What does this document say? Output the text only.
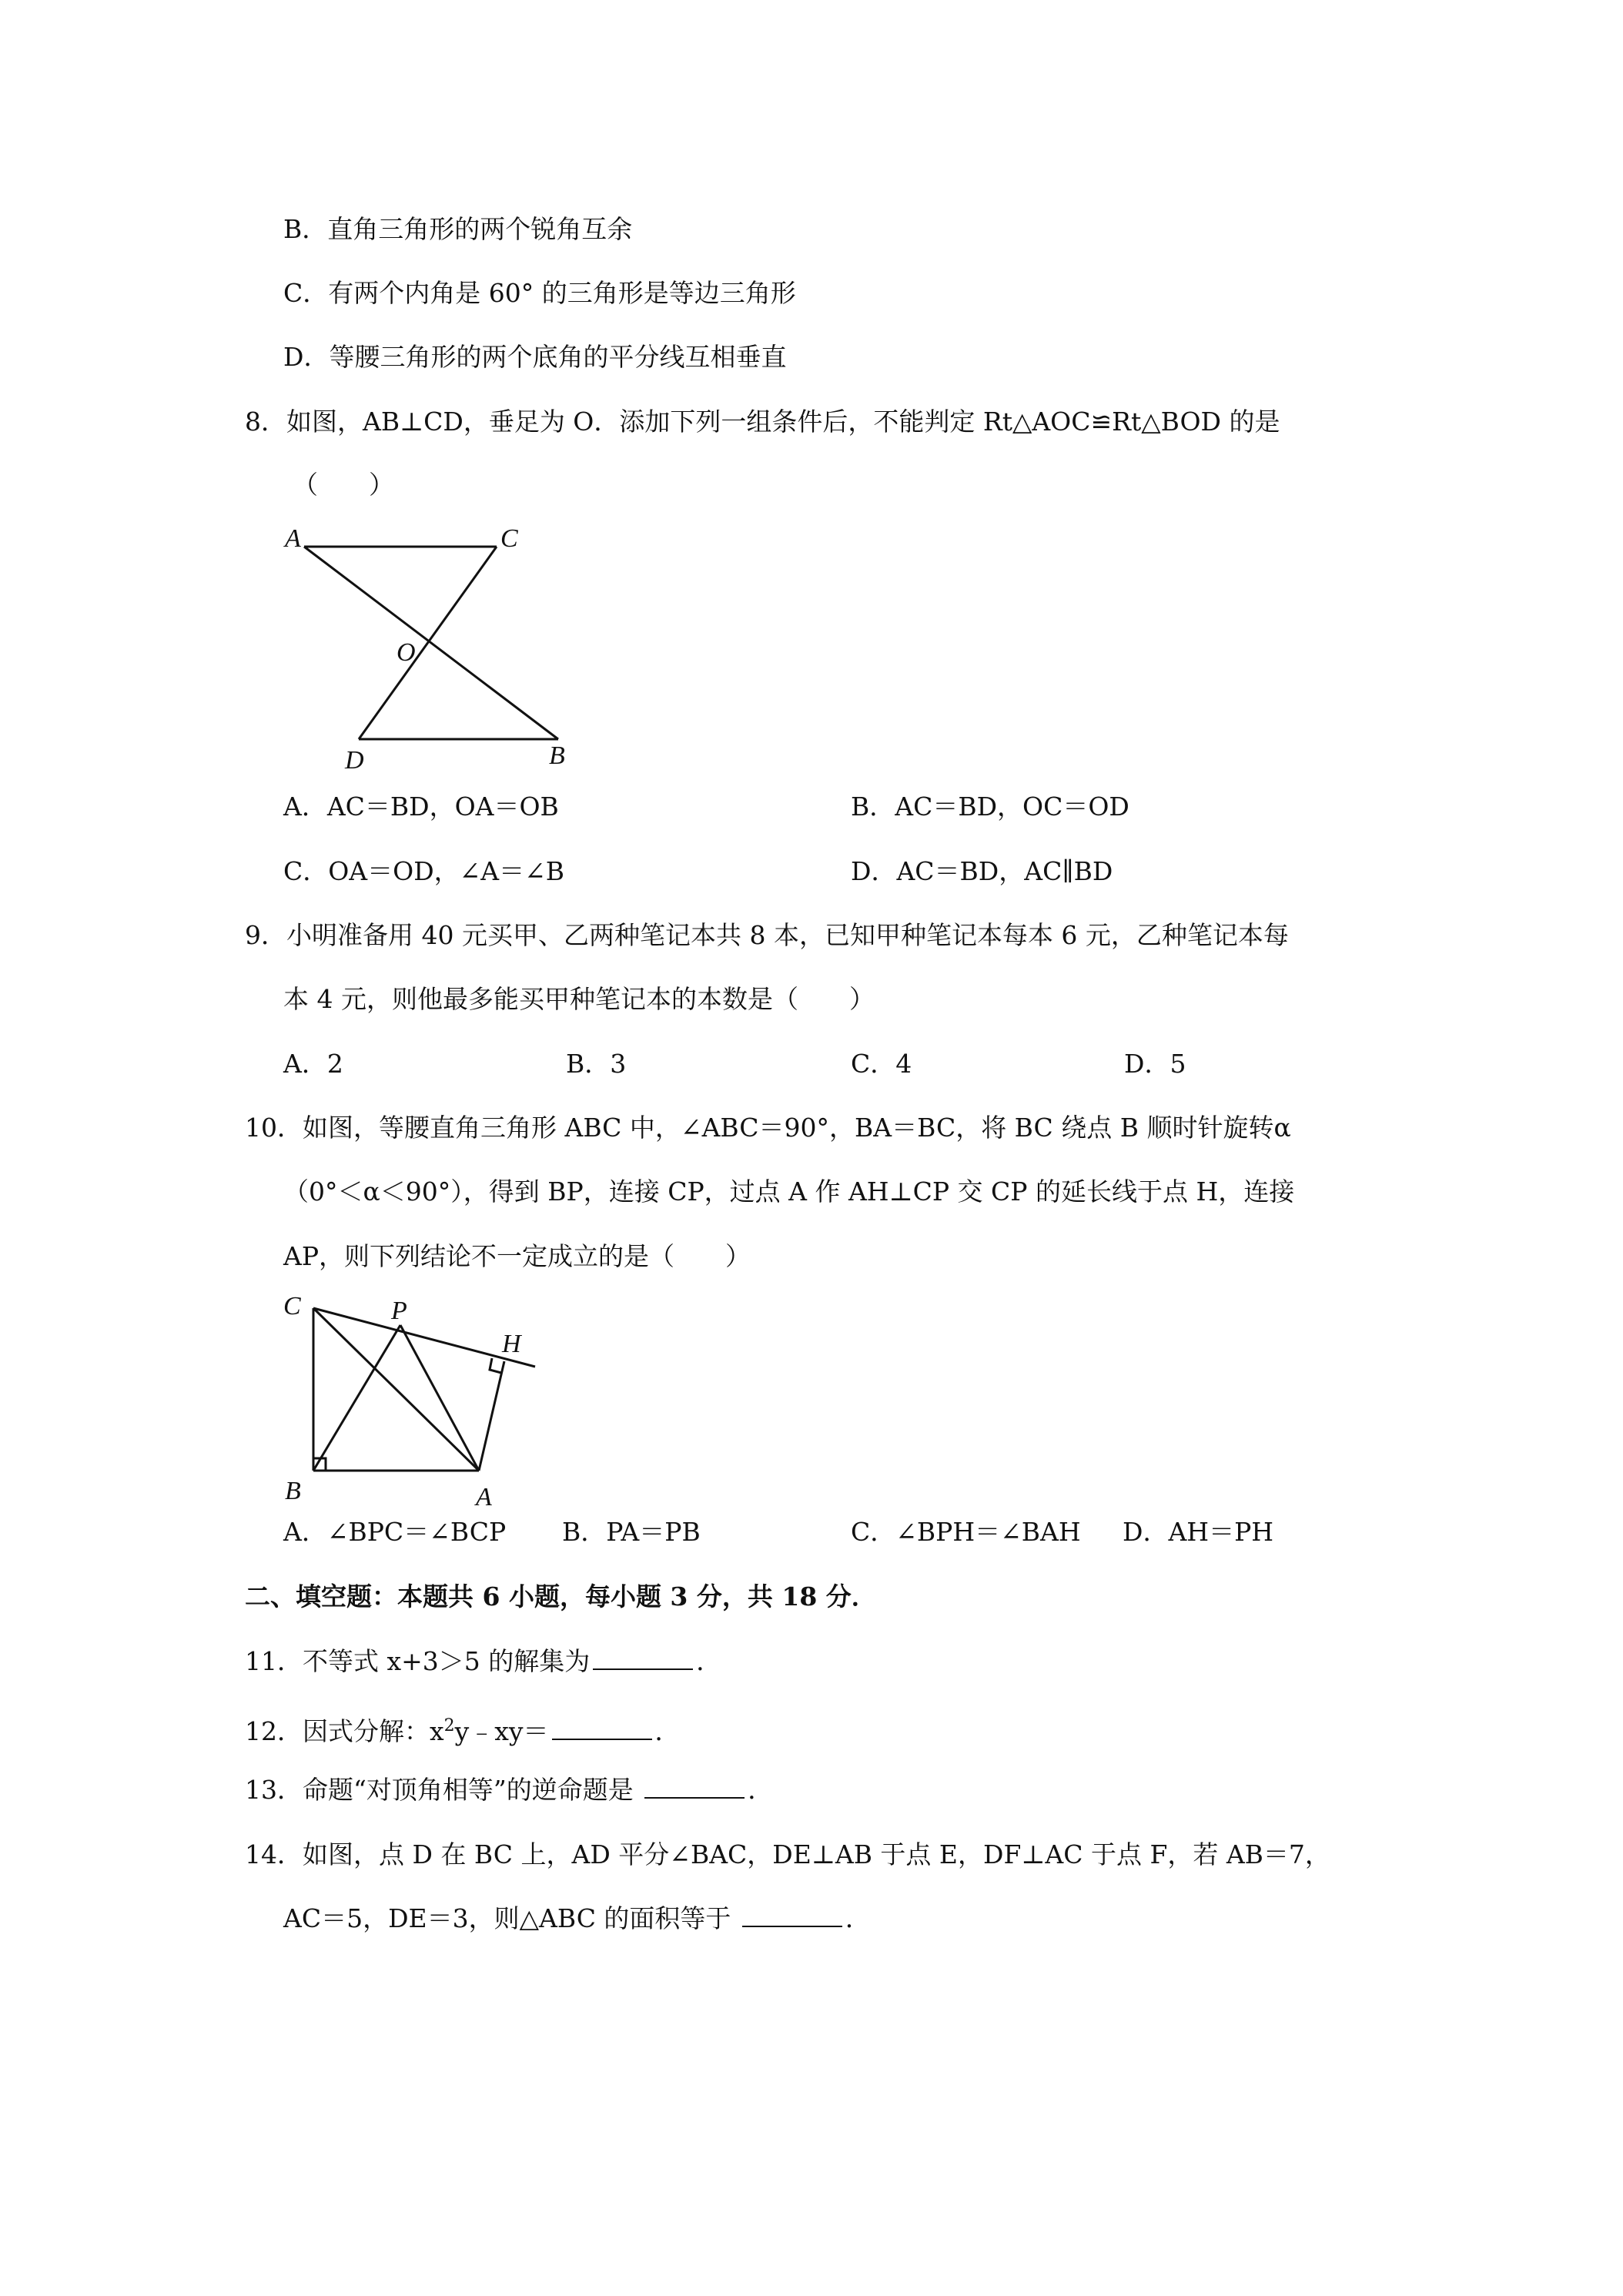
B．直角三角形的两个锐角互余
C．有两个内角是 60° 的三角形是等边三角形
D．等腰三角形的两个底角的平分线互相垂直
8．如图，AB⊥CD，垂足为 O．添加下列一组条件后，不能判定 Rt△AOC≌Rt△BOD 的是
（　　）
A	C
O
D	B
A．AC＝BD，OA＝OB	B．AC＝BD，OC＝OD
C．OA＝OD，∠A＝∠B	D．AC＝BD，AC∥BD
9．小明准备用 40 元买甲、乙两种笔记本共 8 本，已知甲种笔记本每本 6 元，乙种笔记本每
本 4 元，则他最多能买甲种笔记本的本数是（　　）
A．2	B．3	C．4	D．5
10．如图，等腰直角三角形 ABC 中，∠ABC＝90°，BA＝BC，将 BC 绕点 B 顺时针旋转α
（0°＜α＜90°），得到 BP，连接 CP，过点 A 作 AH⊥CP 交 CP 的延长线于点 H，连接
AP，则下列结论不一定成立的是（　　）
C	P
H
B	A
A．∠BPC＝∠BCP B．PA＝PB	C．∠BPH＝∠BAH D．AH＝PH
二、填空题：本题共 6 小题，每小题 3 分，共 18 分．
11．不等式 x+3＞5 的解集为	．
12．因式分解：$x^2y﹣xy=$	．
13．命题“对顶角相等”的逆命题是	．
14．如图，点 D 在 BC 上，AD 平分∠BAC，DE⊥AB 于点 E，DF⊥AC 于点 F，若 AB＝7，
AC＝5，DE＝3，则△ABC 的面积等于	．
